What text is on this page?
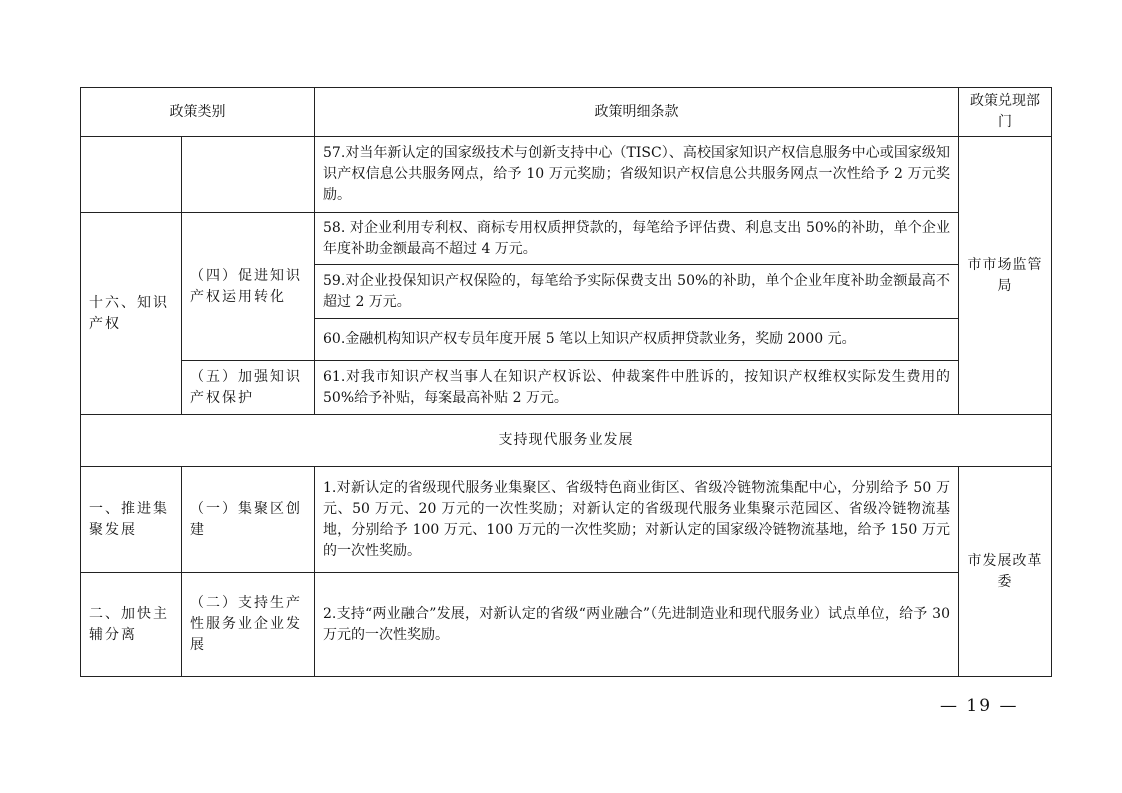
政策类别		政策明细条款	政策兑现部门
		57.对当年新认定的国家级技术与创新支持中心（TISC）、高校国家知识产权信息服务中心或国家级知识产权信息公共服务网点，给予 10 万元奖励；省级知识产权信息公共服务网点一次性给予 2 万元奖励。	市市场监管局
十六、知识产权	（四）促进知识产权运用转化	58. 对企业利用专利权、商标专用权质押贷款的，每笔给予评估费、利息支出 50%的补助，单个企业年度补助金额最高不超过 4 万元。	
		59.对企业投保知识产权保险的，每笔给予实际保费支出 50%的补助，单个企业年度补助金额最高不超过 2 万元。	
		60.金融机构知识产权专员年度开展 5 笔以上知识产权质押贷款业务，奖励 2000 元。	
	（五）加强知识产权保护	61.对我市知识产权当事人在知识产权诉讼、仲裁案件中胜诉的，按知识产权维权实际发生费用的 50%给予补贴，每案最高补贴 2 万元。	
支持现代服务业发展			
一、推进集聚发展	（一）集聚区创建	1.对新认定的省级现代服务业集聚区、省级特色商业街区、省级冷链物流集配中心，分别给予 50 万元、50 万元、20 万元的一次性奖励；对新认定的省级现代服务业集聚示范园区、省级冷链物流基地，分别给予 100 万元、100 万元的一次性奖励；对新认定的国家级冷链物流基地，给予 150 万元的一次性奖励。	市发展改革委
二、加快主辅分离	（二）支持生产性服务业企业发展	2.支持“两业融合”发展，对新认定的省级“两业融合”（先进制造业和现代服务业）试点单位，给予 30 万元的一次性奖励。	
— 19 —
